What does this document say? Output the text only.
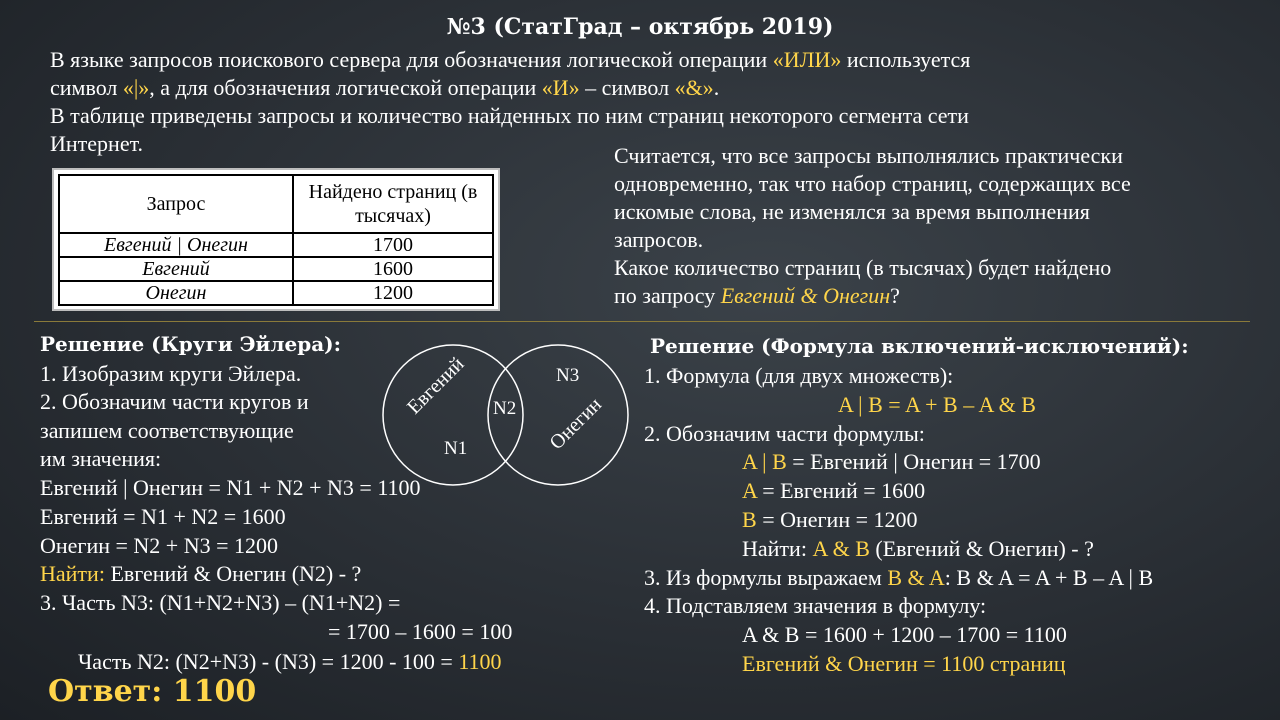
№3 (СтатГрад – октябрь 2019)
В языке запросов поискового сервера для обозначения логической операции «ИЛИ» используется
символ «|», а для обозначения логической операции «И» – символ «&».
В таблице приведены запросы и количество найденных по ним страниц некоторого сегмента сети
Интернет.
Запрос	Найдено страниц (в тысячах)
Евгений | Онегин	1700
Евгений	1600
Онегин	1200
Считается, что все запросы выполнялись практически
одновременно, так что набор страниц, содержащих все
искомые слова, не изменялся за время выполнения
запросов.
Какое количество страниц (в тысячах) будет найдено
по запросу Евгений & Онегин?
Евгений
Онегин
N1
N2
N3
Решение (Круги Эйлера):
1. Изобразим круги Эйлера.
2. Обозначим части кругов и
запишем соответствующие
им значения:
Евгений | Онегин = N1 + N2 + N3 = 1100
Евгений = N1 + N2 = 1600
Онегин = N2 + N3 = 1200
Найти: Евгений & Онегин (N2) - ?
3. Часть N3: (N1+N2+N3) – (N1+N2) =
= 1700 – 1600 = 100
Часть N2: (N2+N3) - (N3) = 1200 - 100 = 1100
Решение (Формула включений-исключений):
1. Формула (для двух множеств):
A | B = A + B – A & B
2. Обозначим части формулы:
A | B = Евгений | Онегин = 1700
A = Евгений = 1600
B = Онегин = 1200
Найти: A & B (Евгений & Онегин) - ?
3. Из формулы выражаем B & A: B & A = A + B – A | B
4. Подставляем значения в формулу:
A & B = 1600 + 1200 – 1700 = 1100
Евгений & Онегин = 1100 страниц
Ответ: 1100
